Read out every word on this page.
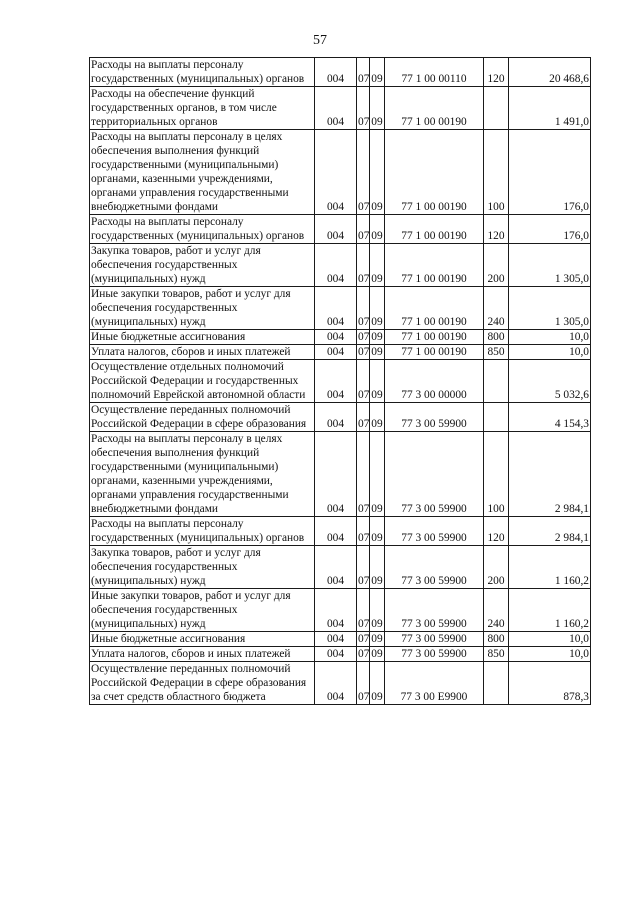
57
Расходы на выплаты персоналу государственных (муниципальных) органов	004	07	09	77 1 00 00110	120	20 468,6
Расходы на обеспечение функций государственных органов, в том числе территориальных органов	004	07	09	77 1 00 00190		1 491,0
Расходы на выплаты персоналу в целях обеспечения выполнения функций государственными (муниципальными) органами, казенными учреждениями, органами управления государственными внебюджетными фондами	004	07	09	77 1 00 00190	100	176,0
Расходы на выплаты персоналу государственных (муниципальных) органов	004	07	09	77 1 00 00190	120	176,0
Закупка товаров, работ и услуг для обеспечения государственных (муниципальных) нужд	004	07	09	77 1 00 00190	200	1 305,0
Иные закупки товаров, работ и услуг для обеспечения государственных (муниципальных) нужд	004	07	09	77 1 00 00190	240	1 305,0
Иные бюджетные ассигнования	004	07	09	77 1 00 00190	800	10,0
Уплата налогов, сборов и иных платежей	004	07	09	77 1 00 00190	850	10,0
Осуществление отдельных полномочий Российской Федерации и государственных полномочий Еврейской автономной области	004	07	09	77 3 00 00000		5 032,6
Осуществление переданных полномочий Российской Федерации в сфере образования	004	07	09	77 3 00 59900		4 154,3
Расходы на выплаты персоналу в целях обеспечения выполнения функций государственными (муниципальными) органами, казенными учреждениями, органами управления государственными внебюджетными фондами	004	07	09	77 3 00 59900	100	2 984,1
Расходы на выплаты персоналу государственных (муниципальных) органов	004	07	09	77 3 00 59900	120	2 984,1
Закупка товаров, работ и услуг для обеспечения государственных (муниципальных) нужд	004	07	09	77 3 00 59900	200	1 160,2
Иные закупки товаров, работ и услуг для обеспечения государственных (муниципальных) нужд	004	07	09	77 3 00 59900	240	1 160,2
Иные бюджетные ассигнования	004	07	09	77 3 00 59900	800	10,0
Уплата налогов, сборов и иных платежей	004	07	09	77 3 00 59900	850	10,0
Осуществление переданных полномочий Российской Федерации в сфере образования за счет средств областного бюджета	004	07	09	77 3 00 E9900		878,3
